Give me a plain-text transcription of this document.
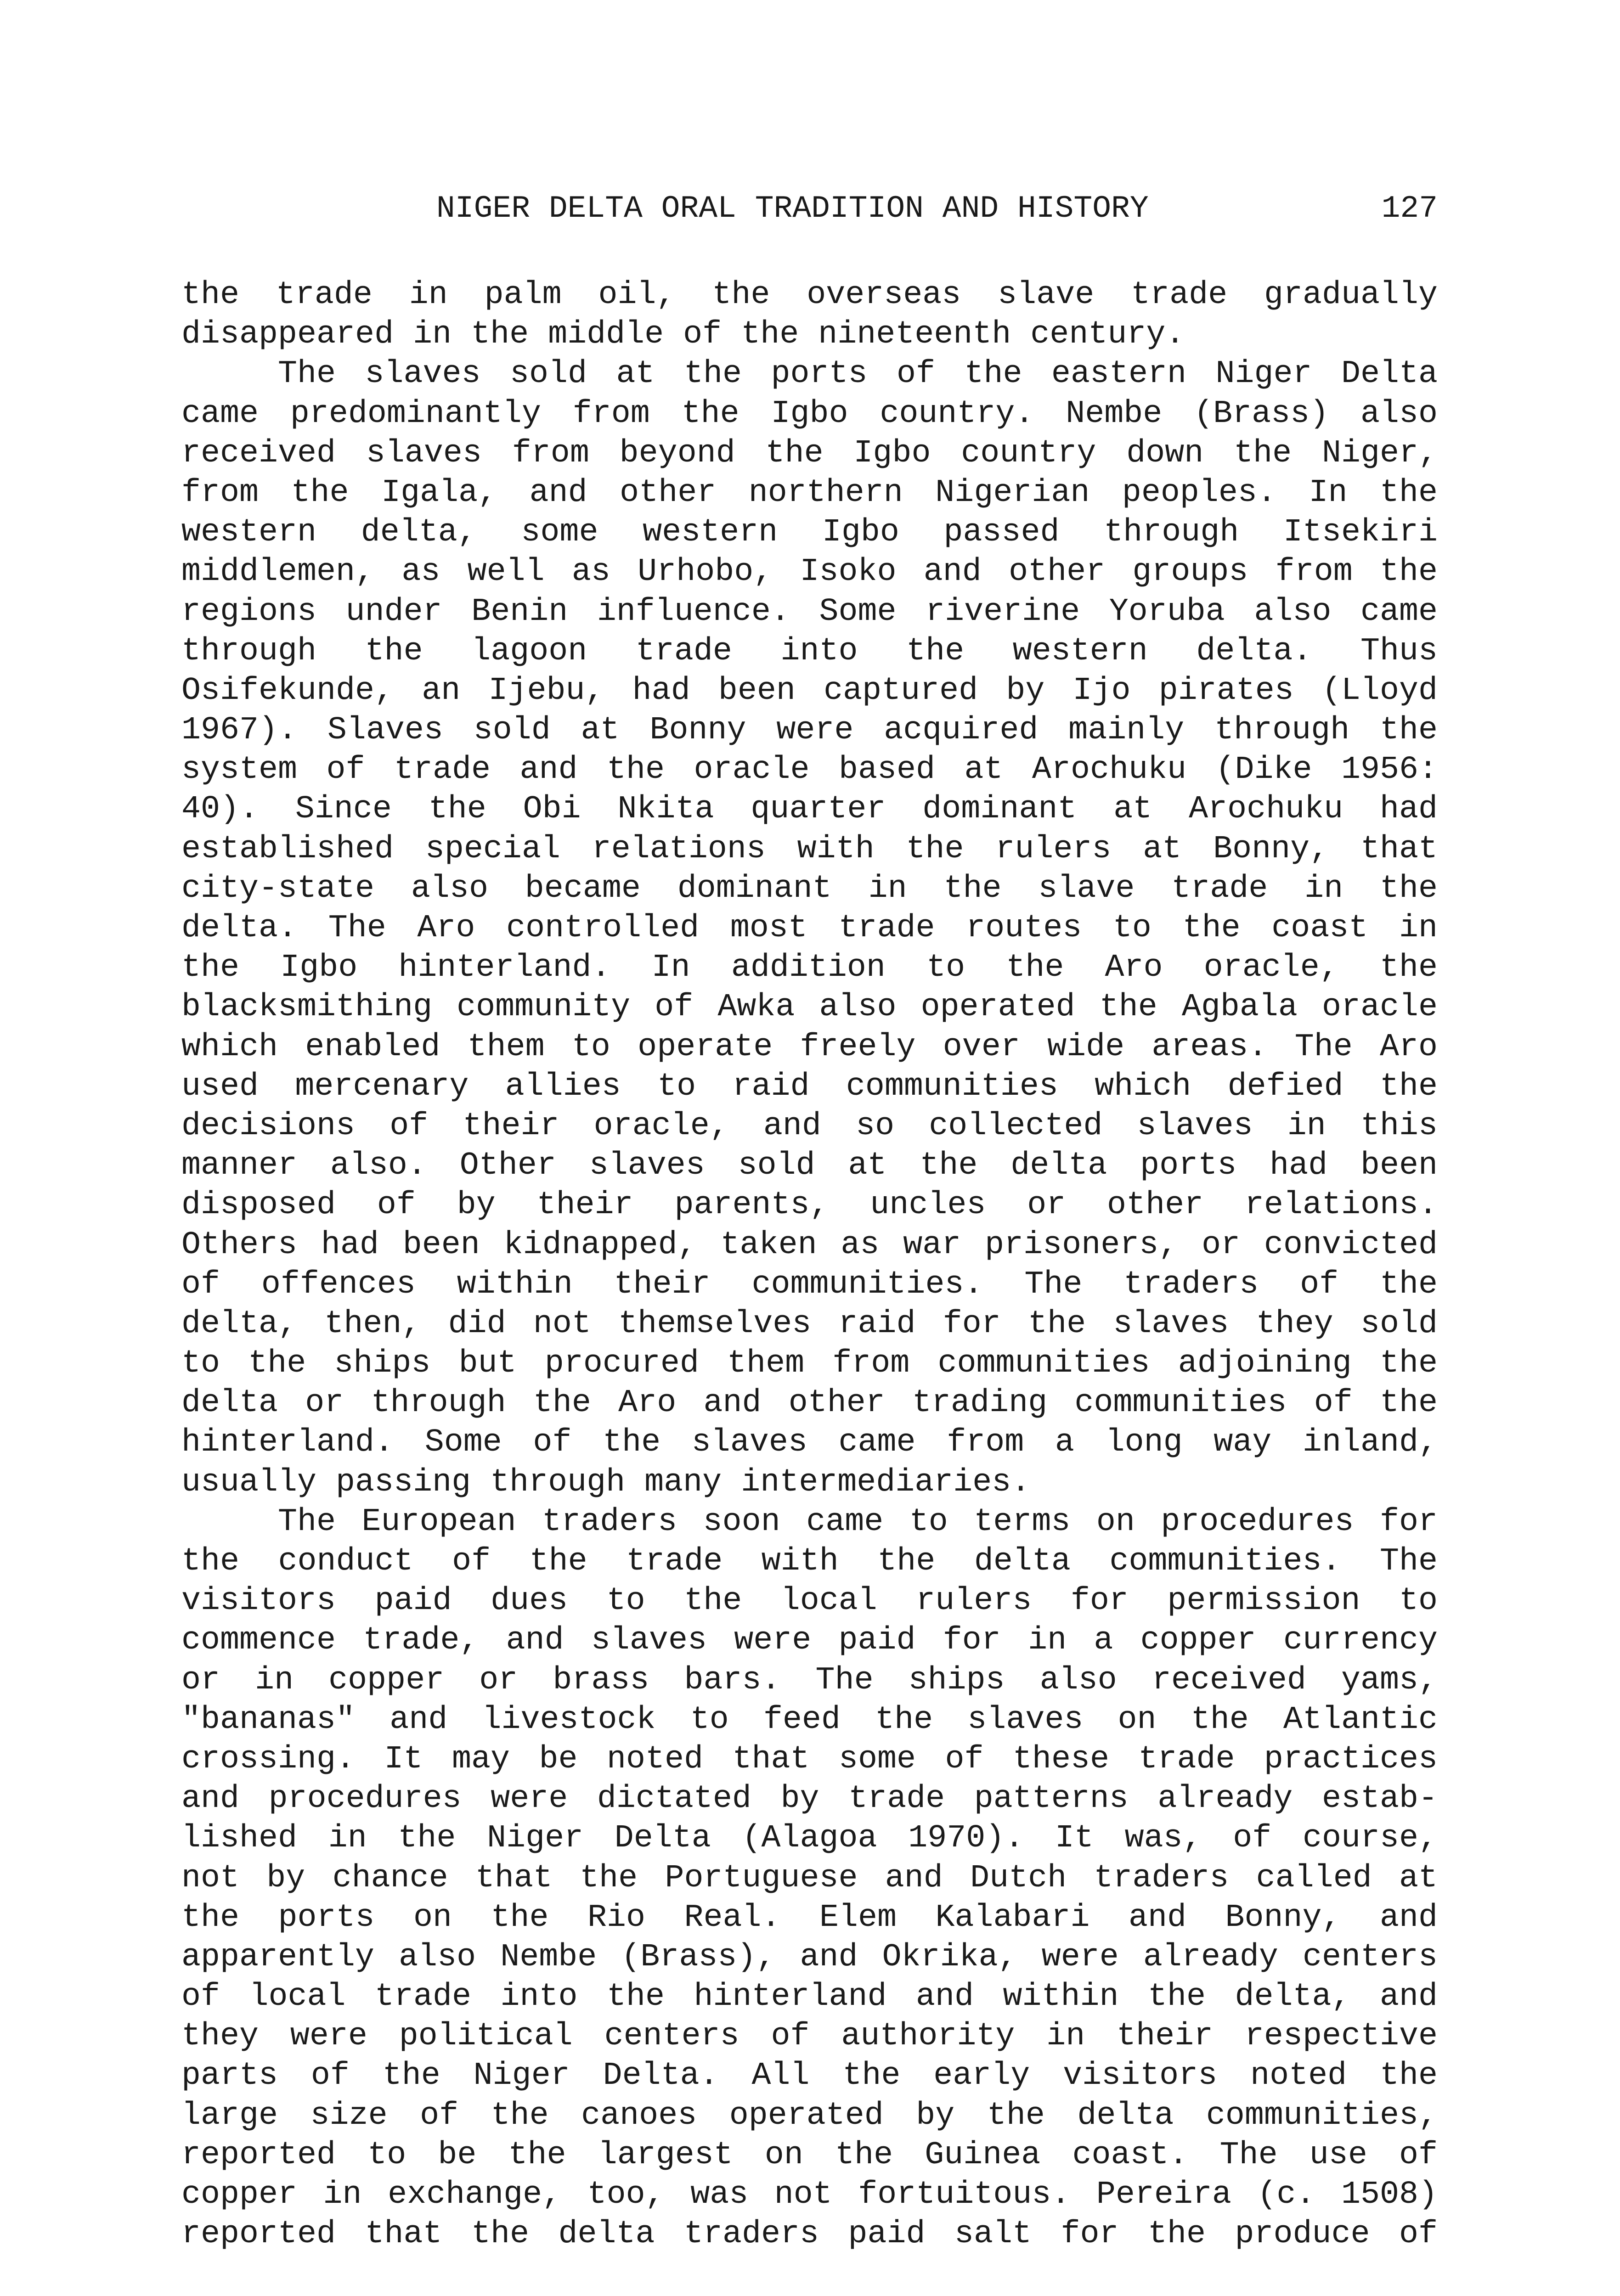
NIGER DELTA ORAL TRADITION AND HISTORY	127
the trade in palm oil, the overseas slave trade gradually
disappeared in the middle of the nineteenth century.
The slaves sold at the ports of the eastern Niger Delta
came predominantly from the Igbo country. Nembe (Brass) also
received slaves from beyond the Igbo country down the Niger,
from the Igala, and other northern Nigerian peoples. In the
western delta, some western Igbo passed through Itsekiri
middlemen, as well as Urhobo, Isoko and other groups from the
regions under Benin influence. Some riverine Yoruba also came
through the lagoon trade into the western delta. Thus
Osifekunde, an Ijebu, had been captured by Ijo pirates (Lloyd
1967). Slaves sold at Bonny were acquired mainly through the
system of trade and the oracle based at Arochuku (Dike 1956:
40). Since the Obi Nkita quarter dominant at Arochuku had
established special relations with the rulers at Bonny, that
city-state also became dominant in the slave trade in the
delta. The Aro controlled most trade routes to the coast in
the Igbo hinterland. In addition to the Aro oracle, the
blacksmithing community of Awka also operated the Agbala oracle
which enabled them to operate freely over wide areas. The Aro
used mercenary allies to raid communities which defied the
decisions of their oracle, and so collected slaves in this
manner also. Other slaves sold at the delta ports had been
disposed of by their parents, uncles or other relations.
Others had been kidnapped, taken as war prisoners, or convicted
of offences within their communities. The traders of the
delta, then, did not themselves raid for the slaves they sold
to the ships but procured them from communities adjoining the
delta or through the Aro and other trading communities of the
hinterland. Some of the slaves came from a long way inland,
usually passing through many intermediaries.
The European traders soon came to terms on procedures for
the conduct of the trade with the delta communities. The
visitors paid dues to the local rulers for permission to
commence trade, and slaves were paid for in a copper currency
or in copper or brass bars. The ships also received yams,
"bananas" and livestock to feed the slaves on the Atlantic
crossing. It may be noted that some of these trade practices
and procedures were dictated by trade patterns already estab-
lished in the Niger Delta (Alagoa 1970). It was, of course,
not by chance that the Portuguese and Dutch traders called at
the ports on the Rio Real. Elem Kalabari and Bonny, and
apparently also Nembe (Brass), and Okrika, were already centers
of local trade into the hinterland and within the delta, and
they were political centers of authority in their respective
parts of the Niger Delta. All the early visitors noted the
large size of the canoes operated by the delta communities,
reported to be the largest on the Guinea coast. The use of
copper in exchange, too, was not fortuitous. Pereira (c. 1508)
reported that the delta traders paid salt for the produce of
